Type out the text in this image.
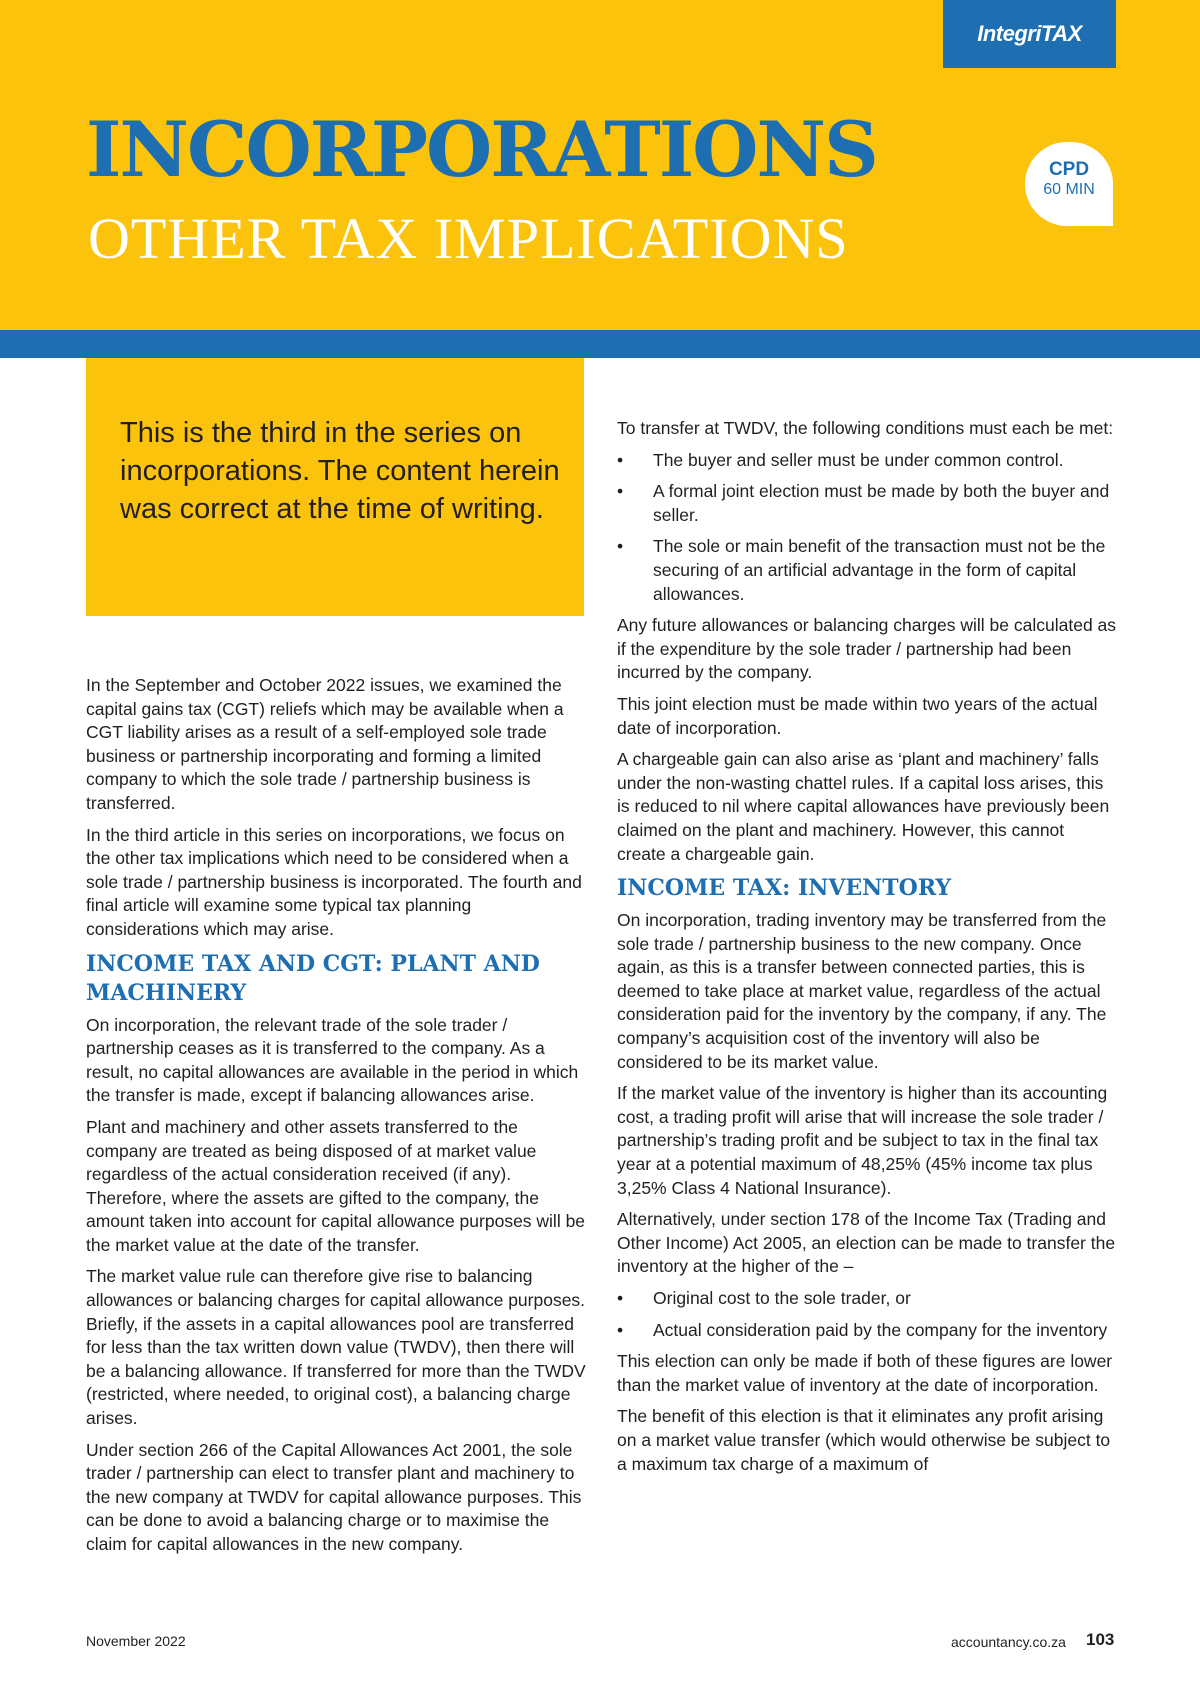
IntegriTAX
INCORPORATIONS
OTHER TAX IMPLICATIONS
CPD
60 MIN

This is the third in the series on incorporations. The content herein was correct at the time of writing.

In the September and October 2022 issues, we examined the capital gains tax (CGT) reliefs which may be available when a CGT liability arises as a result of a self-employed sole trade business or partnership incorporating and forming a limited company to which the sole trade / partnership business is transferred.

In the third article in this series on incorporations, we focus on the other tax implications which need to be considered when a sole trade / partnership business is incorporated. The fourth and final article will examine some typical tax planning considerations which may arise.

INCOME TAX AND CGT: PLANT AND MACHINERY

On incorporation, the relevant trade of the sole trader / partnership ceases as it is transferred to the company. As a result, no capital allowances are available in the period in which the transfer is made, except if balancing allowances arise.

Plant and machinery and other assets transferred to the company are treated as being disposed of at market value regardless of the actual consideration received (if any). Therefore, where the assets are gifted to the company, the amount taken into account for capital allowance purposes will be the market value at the date of the transfer.

The market value rule can therefore give rise to balancing allowances or balancing charges for capital allowance purposes. Briefly, if the assets in a capital allowances pool are transferred for less than the tax written down value (TWDV), then there will be a balancing allowance. If transferred for more than the TWDV (restricted, where needed, to original cost), a balancing charge arises.

Under section 266 of the Capital Allowances Act 2001, the sole trader / partnership can elect to transfer plant and machinery to the new company at TWDV for capital allowance purposes. This can be done to avoid a balancing charge or to maximise the claim for capital allowances in the new company.

To transfer at TWDV, the following conditions must each be met:

• The buyer and seller must be under common control.
• A formal joint election must be made by both the buyer and seller.
• The sole or main benefit of the transaction must not be the securing of an artificial advantage in the form of capital allowances.

Any future allowances or balancing charges will be calculated as if the expenditure by the sole trader / partnership had been incurred by the company.

This joint election must be made within two years of the actual date of incorporation.

A chargeable gain can also arise as ‘plant and machinery’ falls under the non-wasting chattel rules. If a capital loss arises, this is reduced to nil where capital allowances have previously been claimed on the plant and machinery. However, this cannot create a chargeable gain.

INCOME TAX: INVENTORY

On incorporation, trading inventory may be transferred from the sole trade / partnership business to the new company. Once again, as this is a transfer between connected parties, this is deemed to take place at market value, regardless of the actual consideration paid for the inventory by the company, if any. The company’s acquisition cost of the inventory will also be considered to be its market value.

If the market value of the inventory is higher than its accounting cost, a trading profit will arise that will increase the sole trader / partnership’s trading profit and be subject to tax in the final tax year at a potential maximum of 48,25% (45% income tax plus 3,25% Class 4 National Insurance).

Alternatively, under section 178 of the Income Tax (Trading and Other Income) Act 2005, an election can be made to transfer the inventory at the higher of the –

• Original cost to the sole trader, or
• Actual consideration paid by the company for the inventory

This election can only be made if both of these figures are lower than the market value of inventory at the date of incorporation.

The benefit of this election is that it eliminates any profit arising on a market value transfer (which would otherwise be subject to a maximum tax charge of a maximum of

November 2022	accountancy.co.za 103
